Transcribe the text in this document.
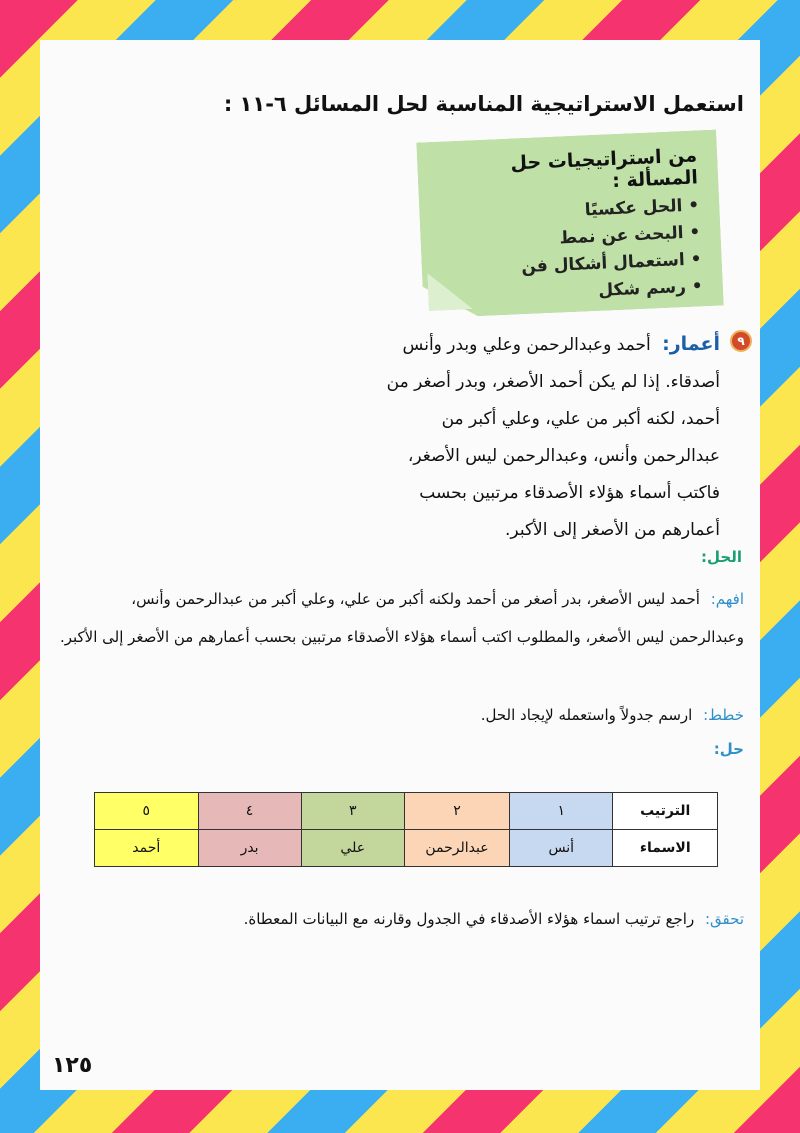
استعمل الاستراتيجية المناسبة لحل المسائل ٦-١١ :
من استراتيجيات حل المسألة :
• الحل عكسيًا
• البحث عن نمط
• استعمال أشكال فن
• رسم شكل
٩
أعمار: أحمد وعبدالرحمن وعلي وبدر وأنس أصدقاء. إذا لم يكن أحمد الأصغر، وبدر أصغر من أحمد، لكنه أكبر من علي، وعلي أكبر من عبدالرحمن وأنس، وعبدالرحمن ليس الأصغر، فاكتب أسماء هؤلاء الأصدقاء مرتبين بحسب أعمارهم من الأصغر إلى الأكبر.
الحل:
افهم: أحمد ليس الأصغر، بدر أصغر من أحمد ولكنه أكبر من علي، وعلي أكبر من عبدالرحمن وأنس، وعبدالرحمن ليس الأصغر، والمطلوب اكتب أسماء هؤلاء الأصدقاء مرتبين بحسب أعمارهم من الأصغر إلى الأكبر.
خطط: ارسم جدولاً واستعمله لإيجاد الحل.
حل:
الترتيب	١	٢	٣	٤	٥
الاسماء	أنس	عبدالرحمن	علي	بدر	أحمد
تحقق: راجع ترتيب اسماء هؤلاء الأصدقاء في الجدول وقارنه مع البيانات المعطاة.
١٢٥
